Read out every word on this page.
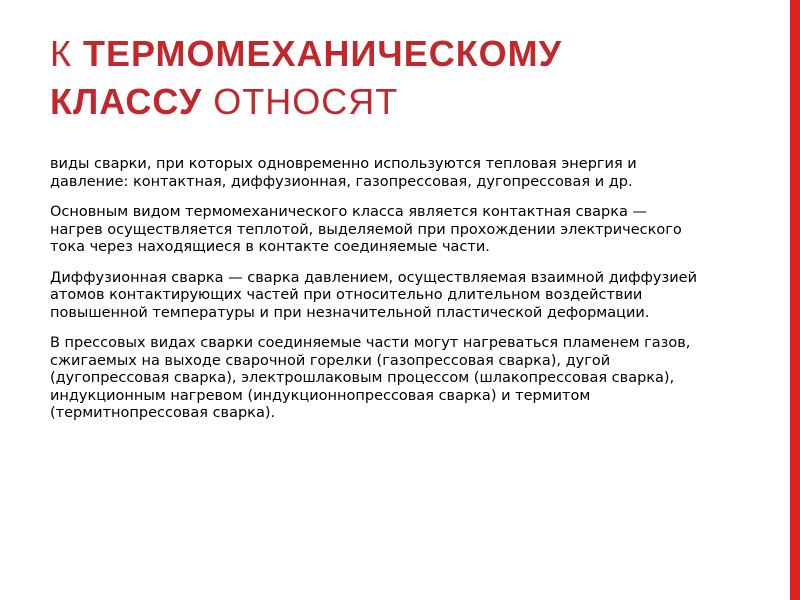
К ТЕРМОМЕХАНИЧЕСКОМУ
КЛАССУ ОТНОСЯТ

виды сварки, при которых одновременно используются тепловая энергия и давление: контактная, диффузионная, газопрессовая, дугопрессовая и др.

Основным видом термомеханического класса является контактная сварка — нагрев осуществляется теплотой, выделяемой при прохождении электрического тока через находящиеся в контакте соединяемые части.

Диффузионная сварка — сварка давлением, осуществляемая взаимной диффузией атомов контактирующих частей при относительно длительном воздействии повышенной температуры и при незначительной пластической деформации.

В прессовых видах сварки соединяемые части могут нагреваться пламенем газов, сжигаемых на выходе сварочной горелки (газопрессовая сварка), дугой (дугопрессовая сварка), электрошлаковым процессом (шлакопрессовая сварка), индукционным нагревом (индукционнопрессовая сварка) и термитом (термитнопрессовая сварка).
